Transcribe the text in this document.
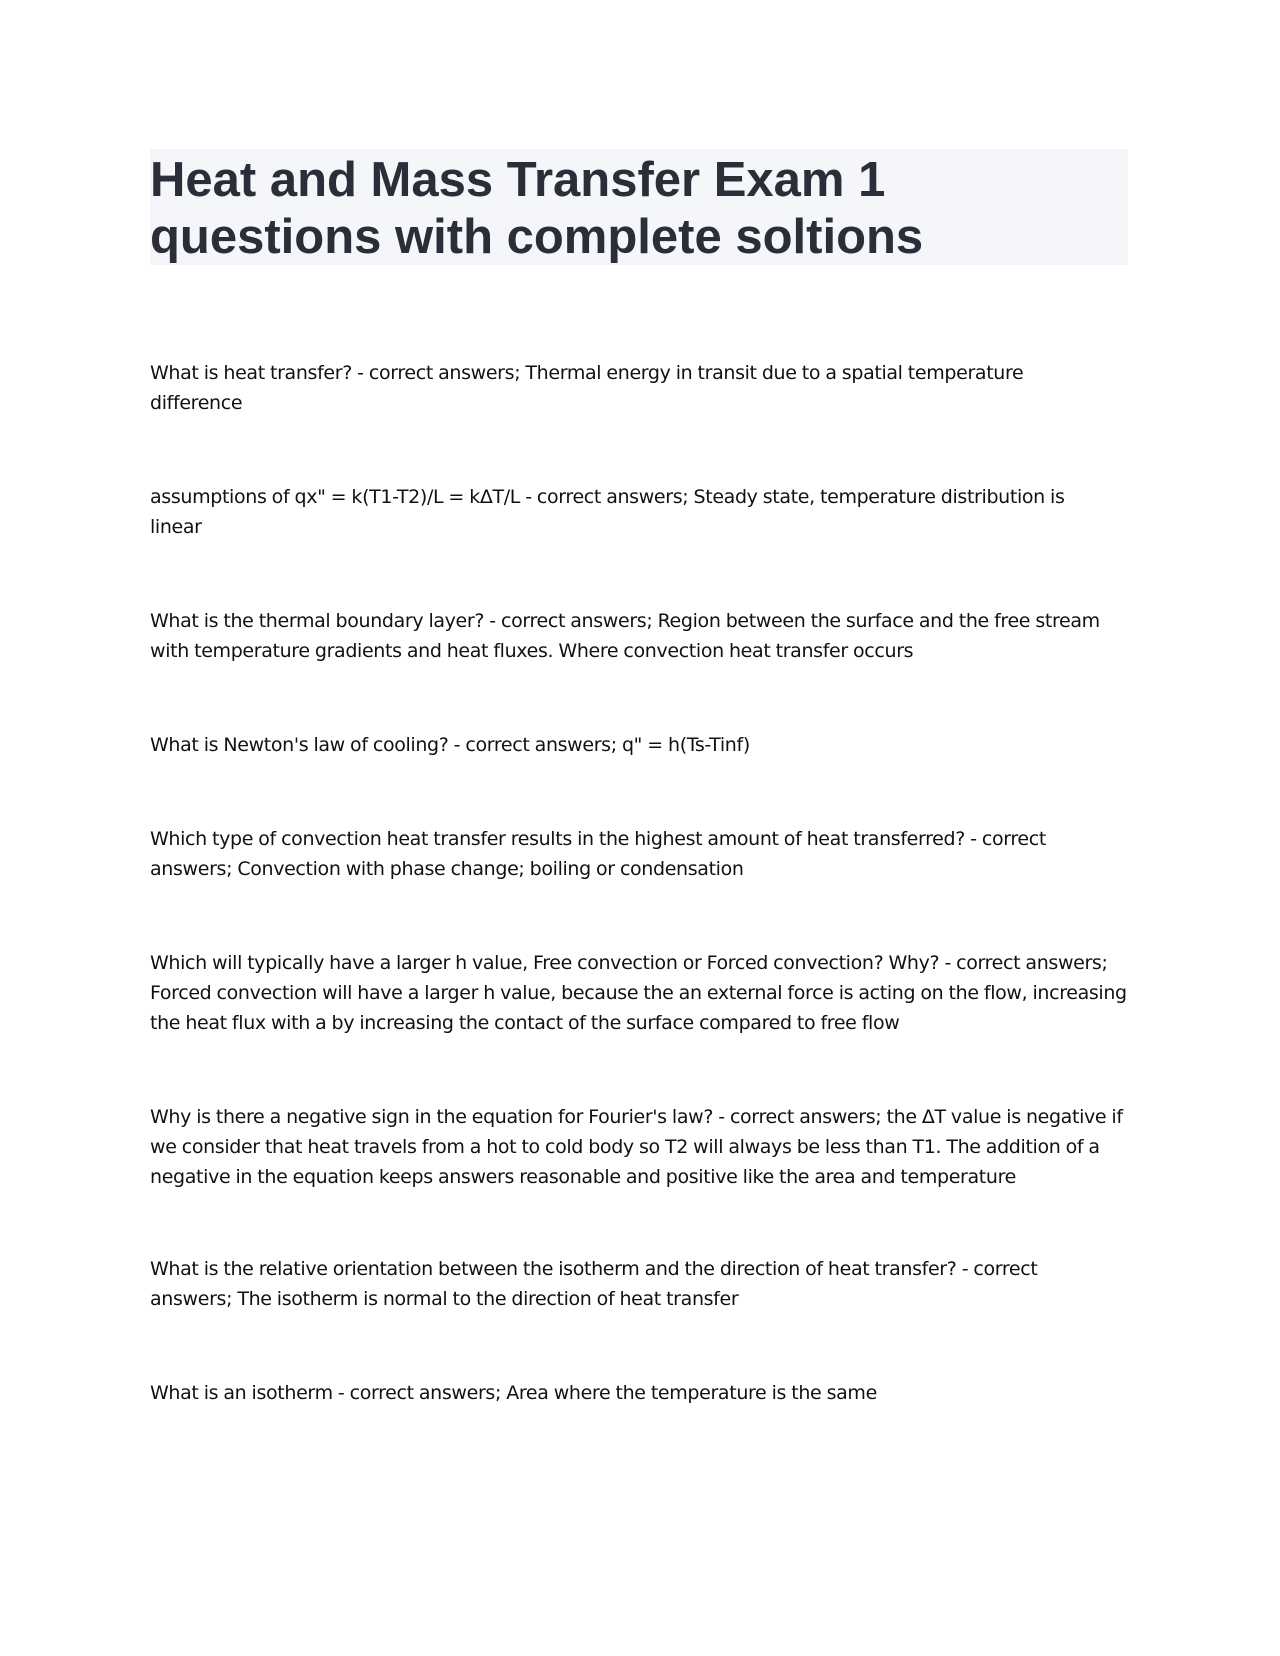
Heat and Mass Transfer Exam 1 questions with complete soltions

What is heat transfer? - correct answers; Thermal energy in transit due to a spatial temperature difference

assumptions of qx" = k(T1-T2)/L = kΔT/L - correct answers; Steady state, temperature distribution is linear

What is the thermal boundary layer? - correct answers; Region between the surface and the free stream with temperature gradients and heat fluxes. Where convection heat transfer occurs

What is Newton's law of cooling? - correct answers; q" = h(Ts-Tinf)

Which type of convection heat transfer results in the highest amount of heat transferred? - correct answers; Convection with phase change; boiling or condensation

Which will typically have a larger h value, Free convection or Forced convection? Why? - correct answers; Forced convection will have a larger h value, because the an external force is acting on the flow, increasing the heat flux with a by increasing the contact of the surface compared to free flow

Why is there a negative sign in the equation for Fourier's law? - correct answers; the ΔT value is negative if we consider that heat travels from a hot to cold body so T2 will always be less than T1. The addition of a negative in the equation keeps answers reasonable and positive like the area and temperature

What is the relative orientation between the isotherm and the direction of heat transfer? - correct answers; The isotherm is normal to the direction of heat transfer

What is an isotherm - correct answers; Area where the temperature is the same
